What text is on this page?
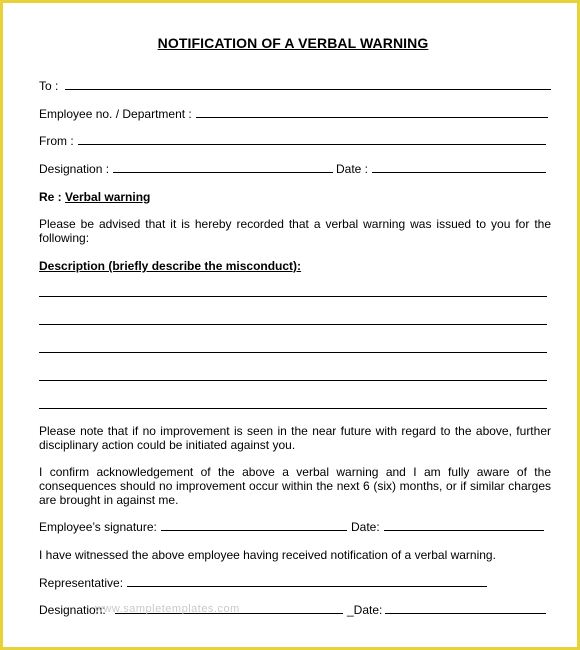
NOTIFICATION OF A VERBAL WARNING
To :
Employee no. / Department :
From :
Designation :	Date :
Re : Verbal warning
Please be advised that it is hereby recorded that a verbal warning was issued to you for the following:
Description (briefly describe the misconduct):
Please note that if no improvement is seen in the near future with regard to the above, further disciplinary action could be initiated against you.
I confirm acknowledgement of the above a verbal warning and I am fully aware of the consequences should no improvement occur within the next 6 (six) months, or if similar charges are brought in against me.
Employee’s signature:	Date:
I have witnessed the above employee having received notification of a verbal warning.
Representative:
Designation:	_Date:
www.sampletemplates.com
